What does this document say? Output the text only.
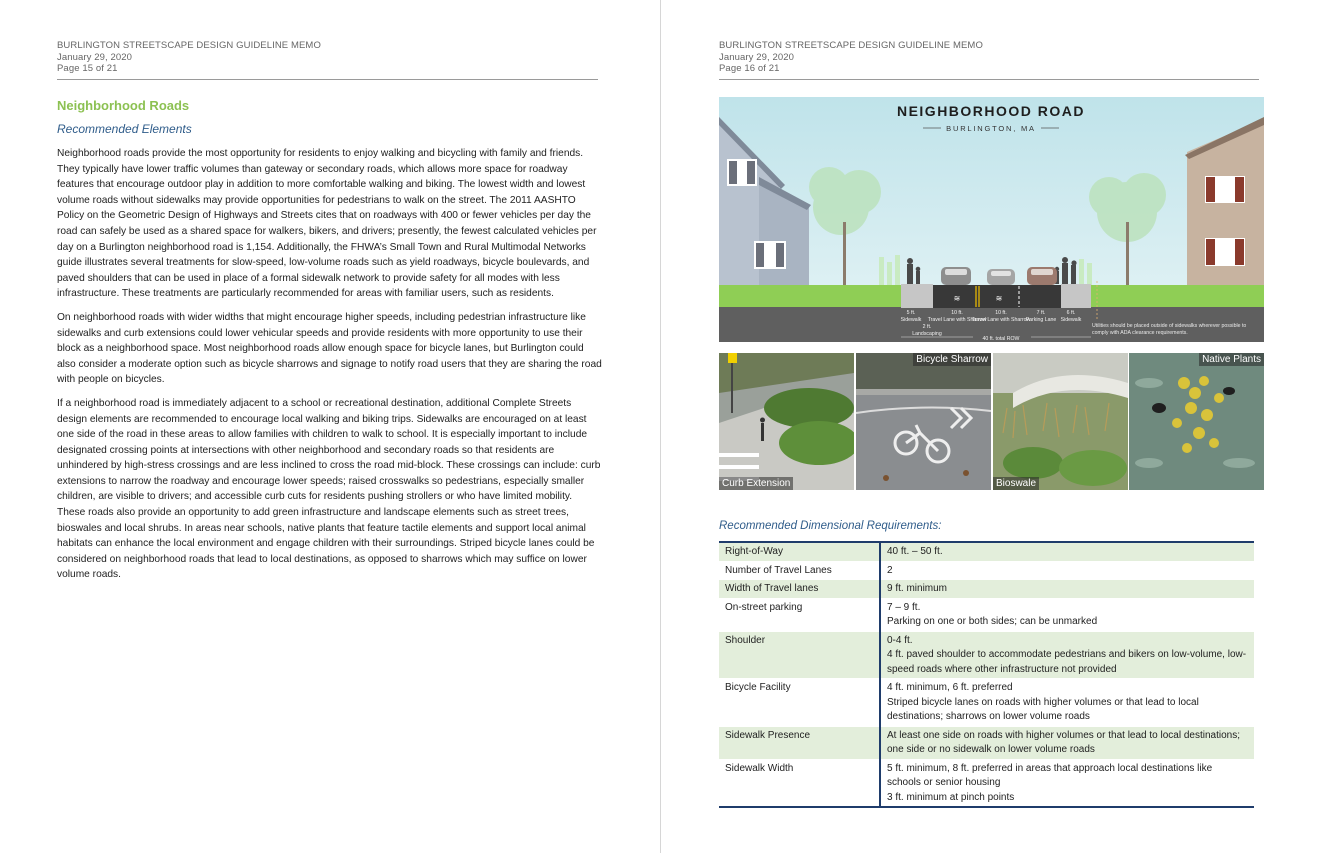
BURLINGTON STREETSCAPE DESIGN GUIDELINE MEMO
January 29, 2020
Page 15 of 21
Neighborhood Roads
Recommended Elements

Neighborhood roads provide the most opportunity for residents to enjoy walking and bicycling with family and friends. They typically have lower traffic volumes than gateway or secondary roads, which allows more space for roadway features that encourage outdoor play in addition to more comfortable walking and biking. The lowest width and lowest volume roads without sidewalks may provide opportunities for pedestrians to walk on the street. The 2011 AASHTO Policy on the Geometric Design of Highways and Streets cites that on roadways with 400 or fewer vehicles per day the road can safely be used as a shared space for walkers, bikers, and drivers; presently, the fewest calculated vehicles per day on a Burlington neighborhood road is 1,154. Additionally, the FHWA’s Small Town and Rural Multimodal Networks guide illustrates several treatments for slow-speed, low-volume roads such as yield roadways, bicycle boulevards, and paved shoulders that can be used in place of a formal sidewalk network to provide safety for all modes with less infrastructure. These treatments are particularly recommended for areas with familiar users, such as residents.

On neighborhood roads with wider widths that might encourage higher speeds, including pedestrian infrastructure like sidewalks and curb extensions could lower vehicular speeds and provide residents with more opportunity to use their block as a neighborhood space. Most neighborhood roads allow enough space for bicycle lanes, but Burlington could also consider a moderate option such as bicycle sharrows and signage to notify road users that they are sharing the road with people on bicycles.

If a neighborhood road is immediately adjacent to a school or recreational destination, additional Complete Streets design elements are recommended to encourage local walking and biking trips. Sidewalks are encouraged on at least one side of the road in these areas to allow families with children to walk to school. It is especially important to include designated crossing points at intersections with other neighborhood and secondary roads so that residents are unhindered by high-stress crossings and are less inclined to cross the road mid-block. These crossings can include: curb extensions to narrow the roadway and encourage lower speeds; raised crosswalks so pedestrians, especially smaller children, are visible to drivers; and accessible curb cuts for residents pushing strollers or who have limited mobility. These roads also provide an opportunity to add green infrastructure and landscape elements such as street trees, bioswales and local shrubs. In areas near schools, native plants that feature tactile elements and support local animal habitats can enhance the local environment and engage children with their surroundings. Striped bicycle lanes could be considered on neighborhood roads that lead to local destinations, as opposed to sharrows which may suffice on lower volume roads.

BURLINGTON STREETSCAPE DESIGN GUIDELINE MEMO
January 29, 2020
Page 16 of 21
NEIGHBORHOOD ROAD
BURLINGTON, MA
≋	≋
5 ft.
Sidewalk
2 ft.
Landscaping
10 ft.
Travel Lane with Sharrow
10 ft.
Travel Lane with Sharrow
7 ft.
Parking Lane
6 ft.
Sidewalk
40 ft. total ROW
Utilities should be placed outside of sidewalks wherever possible to comply with ADA clearance requirements.
Curb Extension
Bicycle Sharrow
Bioswale
Native Plants
Recommended Dimensional Requirements:
Right-of-Way	40 ft. – 50 ft.

Number of Travel Lanes	2

Width of Travel lanes	9 ft. minimum

On-street parking	7 – 9 ft.
Parking on one or both sides; can be unmarked

Shoulder	0-4 ft.
4 ft. paved shoulder to accommodate pedestrians and bikers on low-volume, low-speed roads where other infrastructure not provided

Bicycle Facility	4 ft. minimum, 6 ft. preferred
Striped bicycle lanes on roads with higher volumes or that lead to local destinations; sharrows on lower volume roads

Sidewalk Presence	At least one side on roads with higher volumes or that lead to local destinations; one side or no sidewalk on lower volume roads

Sidewalk Width	5 ft. minimum, 8 ft. preferred in areas that approach local destinations like schools or senior housing
3 ft. minimum at pinch points
